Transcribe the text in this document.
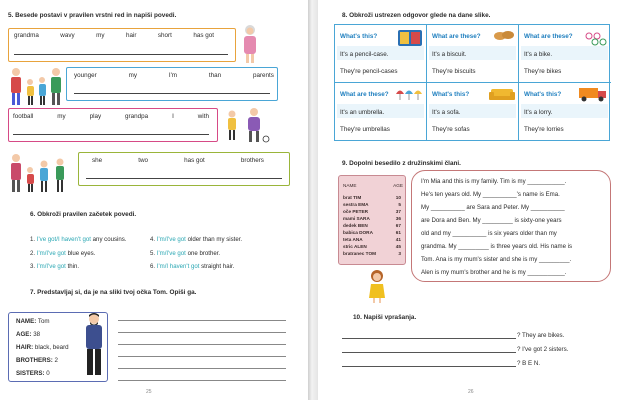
5. Besede postavi v pravilen vrstni red in napiši povedi.
grandma	wavy	my	hair	short	has got
younger	my	I'm	than	parents
football	my	play	grandpa	I	with
she	two	has got	brothers
6. Obkroži pravilen začetek povedi.
1. I've got/I haven't got any cousins.
2. I'm/I've got blue eyes.
3. I'm/I've got thin.
4. I'm/I've got older than my sister.
5. I'm/I've got one brother.
6. I'm/I haven't got straight hair.
7. Predstavljaj si, da je na sliki tvoj očka Tom. Opiši ga.
NAME: Tom
AGE: 38
HAIR: black, beard
BROTHERS: 2
SISTERS: 0
25
8. Obkroži ustrezen odgovor glede na dane slike.
What's this?
It's a pencil-case.
They're pencil-cases
What are these?
It's a biscuit.
They're biscuits
What are these?
It's a bike.
They're bikes
What are these?
It's an umbrella.
They're umbrellas
What's this?
It's a sofa.
They're sofas
What's this?
It's a lorry.
They're lorries
9. Dopolni besedilo z družinskimi člani.
NAME	AGE
brat TIM	10
sestra EMA	5
oče PETER	37
mami SARA	36
dedek BEN	67
babica DORA	61
teta ANA	41
stric ALEN	45
bratranec TOM	3
I'm Mia and this is my family. Tim is my ___________.
He's ten years old. My __________'s name is Ema.
My __________ are Sara and Peter. My __________
are Dora and Ben. My _________ is sixty-one years
old and my __________ is six years older than my
grandma. My _________ is three years old. His name is
Tom. Ana is my mum's sister and she is my _________.
Alen is my mum's brother and he is my ___________.
10. Napiši vprašanja.
? They are bikes.
? I've got 2 sisters.
? B E N.
26
